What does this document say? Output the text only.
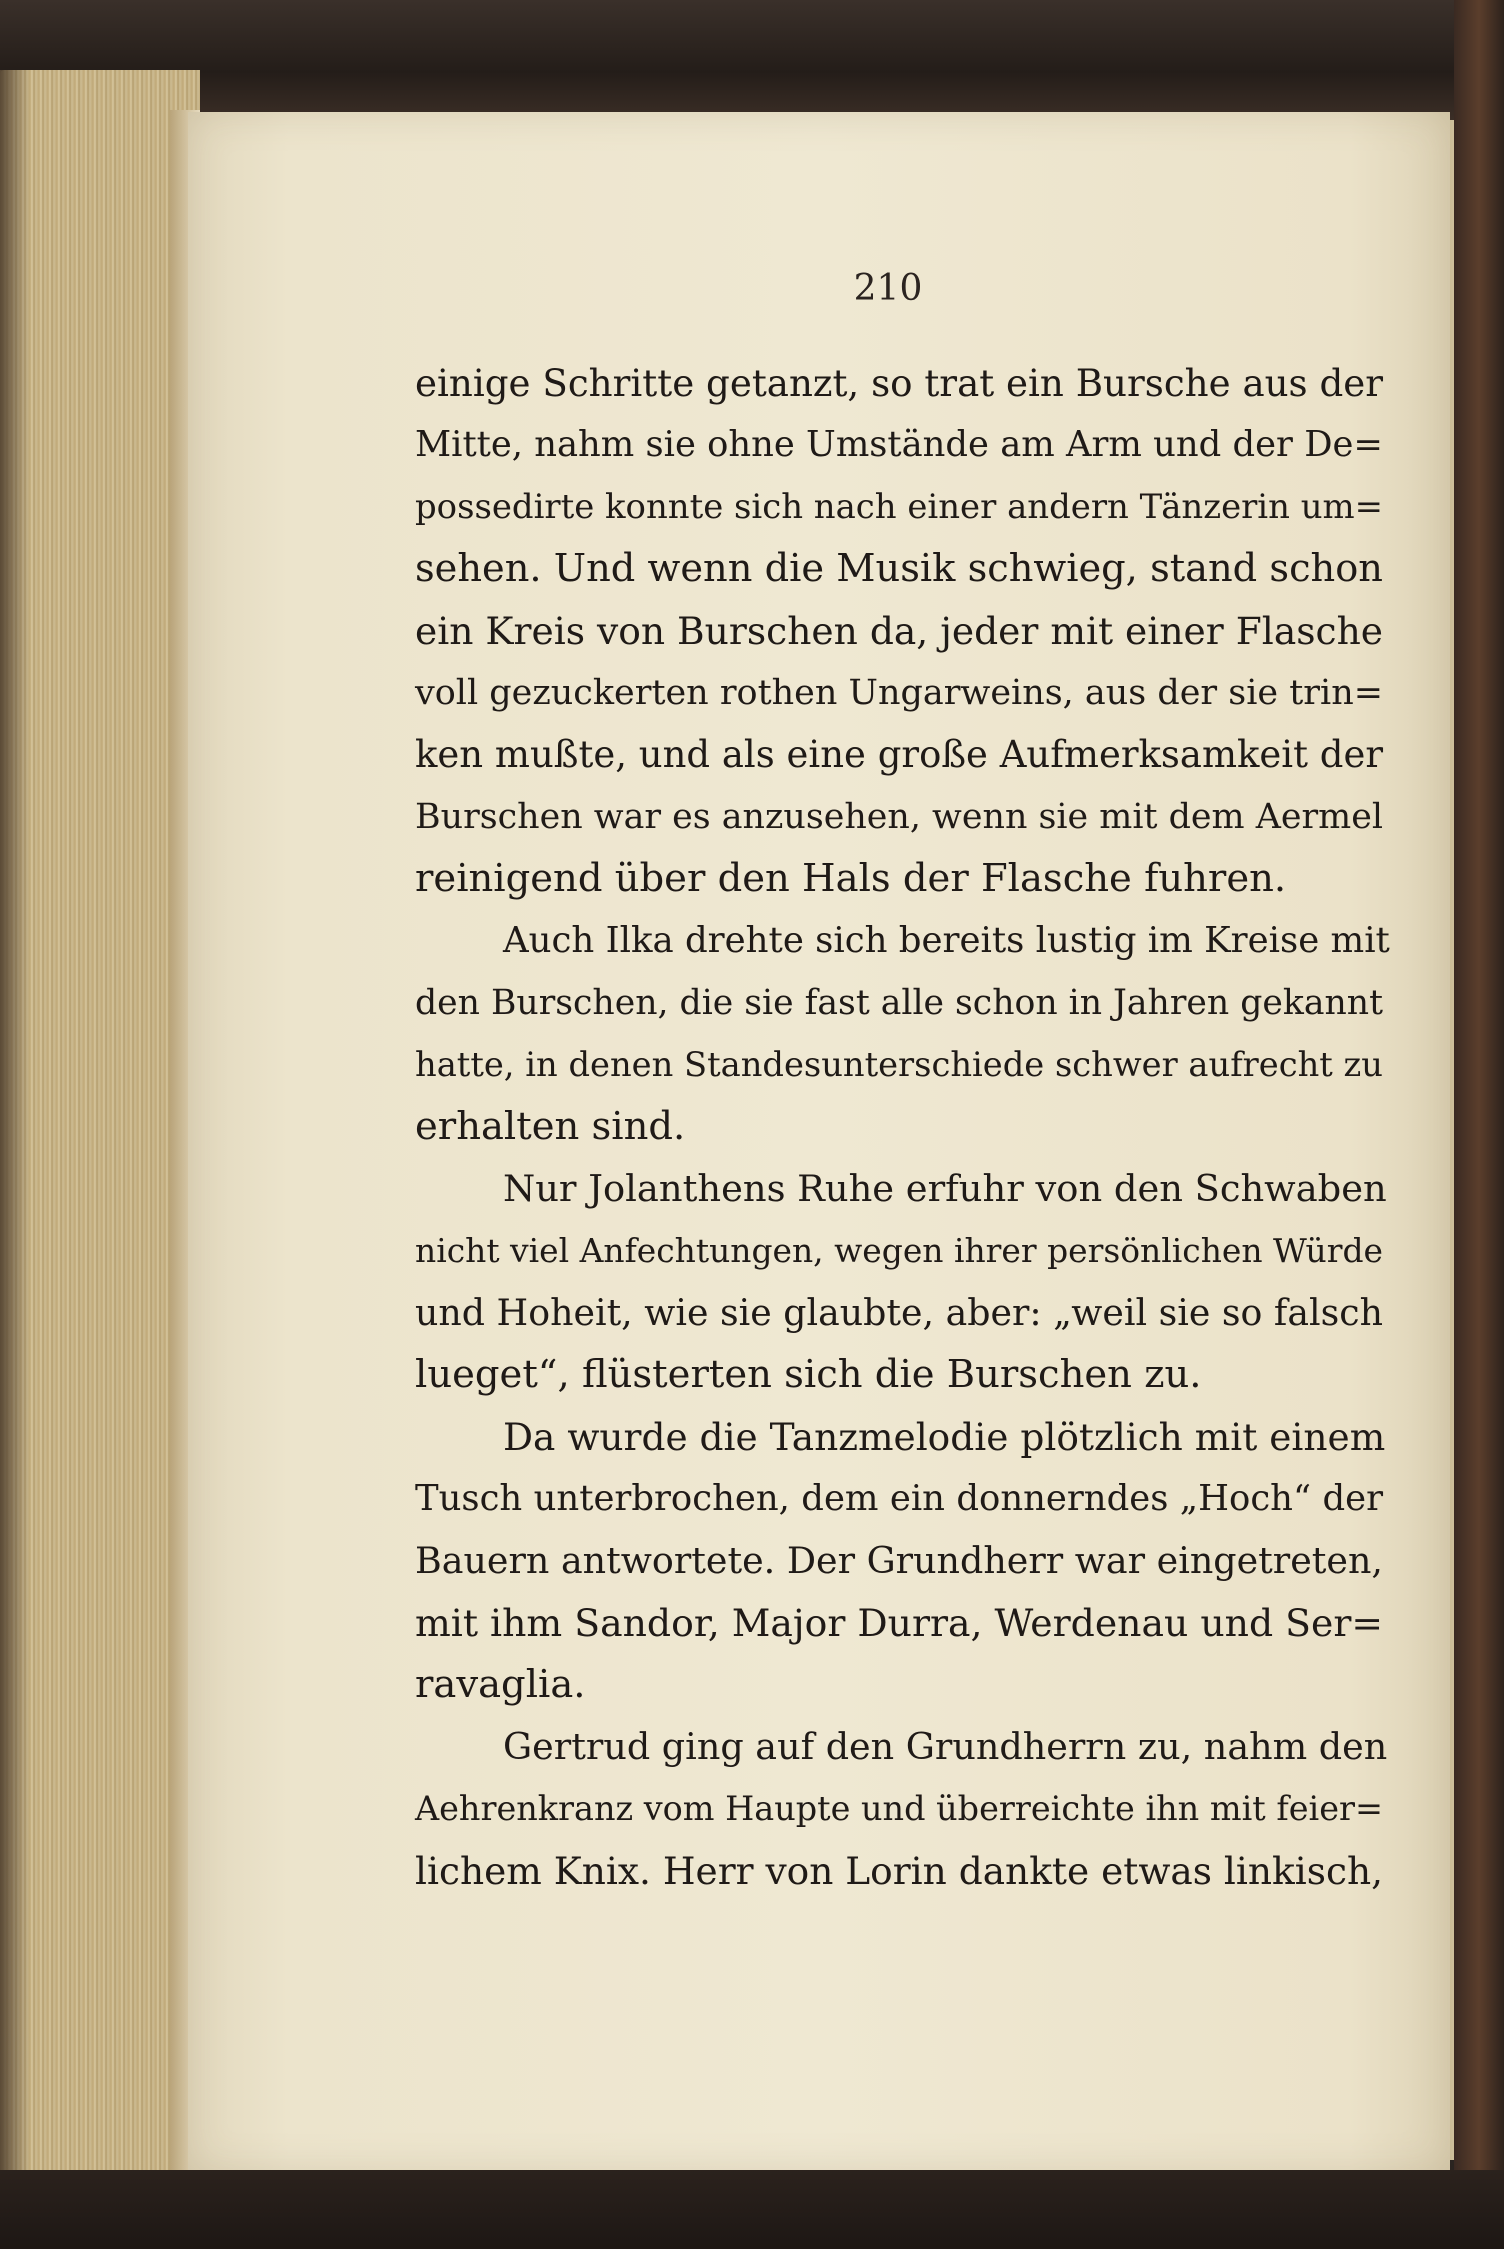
210
einige Schritte getanzt, so trat ein Bursche aus der
Mitte, nahm sie ohne Umstände am Arm und der De=
possedirte konnte sich nach einer andern Tänzerin um=
sehen. Und wenn die Musik schwieg, stand schon
ein Kreis von Burschen da, jeder mit einer Flasche
voll gezuckerten rothen Ungarweins, aus der sie trin=
ken mußte, und als eine große Aufmerksamkeit der
Burschen war es anzusehen, wenn sie mit dem Aermel
reinigend über den Hals der Flasche fuhren.
Auch Ilka drehte sich bereits lustig im Kreise mit
den Burschen, die sie fast alle schon in Jahren gekannt
hatte, in denen Standesunterschiede schwer aufrecht zu
erhalten sind.
Nur Jolanthens Ruhe erfuhr von den Schwaben
nicht viel Anfechtungen, wegen ihrer persönlichen Würde
und Hoheit, wie sie glaubte, aber: „weil sie so falsch
lueget“, flüsterten sich die Burschen zu.
Da wurde die Tanzmelodie plötzlich mit einem
Tusch unterbrochen, dem ein donnerndes „Hoch“ der
Bauern antwortete. Der Grundherr war eingetreten,
mit ihm Sandor, Major Durra, Werdenau und Ser=
ravaglia.
Gertrud ging auf den Grundherrn zu, nahm den
Aehrenkranz vom Haupte und überreichte ihn mit feier=
lichem Knix. Herr von Lorin dankte etwas linkisch,
